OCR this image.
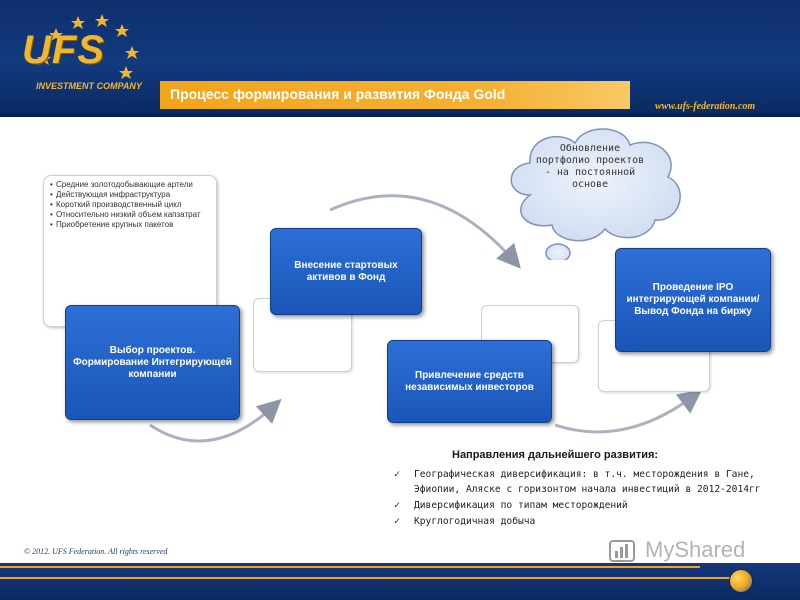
UFS
INVESTMENT COMPANY Процесс формирования и развития Фонда Gold
www.ufs-federation.com
• Средние золотодобывающие артели
• Действующая инфраструктура
• Короткий производственный цикл
• Относительно низкий объем капзатрат
• Приобретение крупных пакетов
Выбор проектов. Формирование Интегрирующей компании
Внесение стартовых активов в Фонд
Привлечение средств независимых инвесторов
Проведение IPO интегрирующей компании/ Вывод Фонда на биржу
Обновление портфолио проектов - на постоянной основе
Направления дальнейшего развития:
✓ Географическая диверсификация: в т.ч. месторождения в Гане, Эфиопии, Аляске с горизонтом начала инвестиций в 2012-2014гг
✓ Диверсификация по типам месторождений
✓ Круглогодичная добыча
© 2012. UFS Federation. All rights reserved	MyShared
